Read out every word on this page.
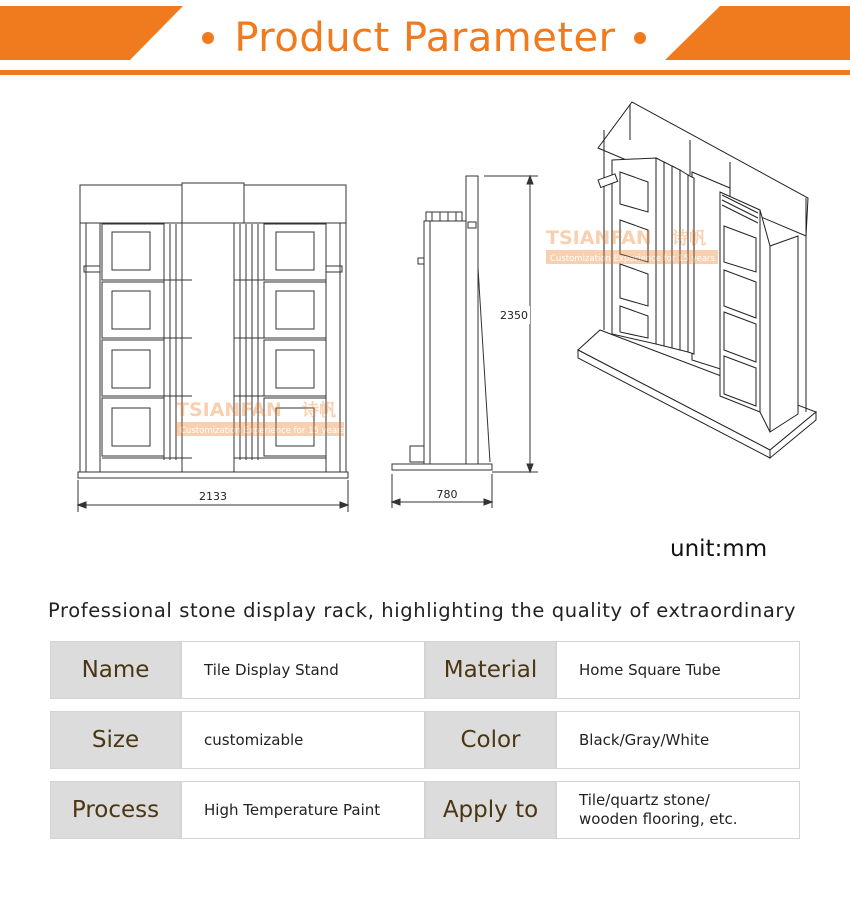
Product Parameter
2133	780
2350
TSIANFAN 诗帆
Customization Experience for 15 years
TSIANFAN 诗帆
Customization Experience for 15 years
unit:mm
Professional stone display rack, highlighting the quality of extraordinary
Name	Tile Display Stand	Material	Home Square Tube
Size	customizable	Color	Black/Gray/White
Process	High Temperature Paint	Apply to	Tile/quartz stone/
wooden flooring, etc.
